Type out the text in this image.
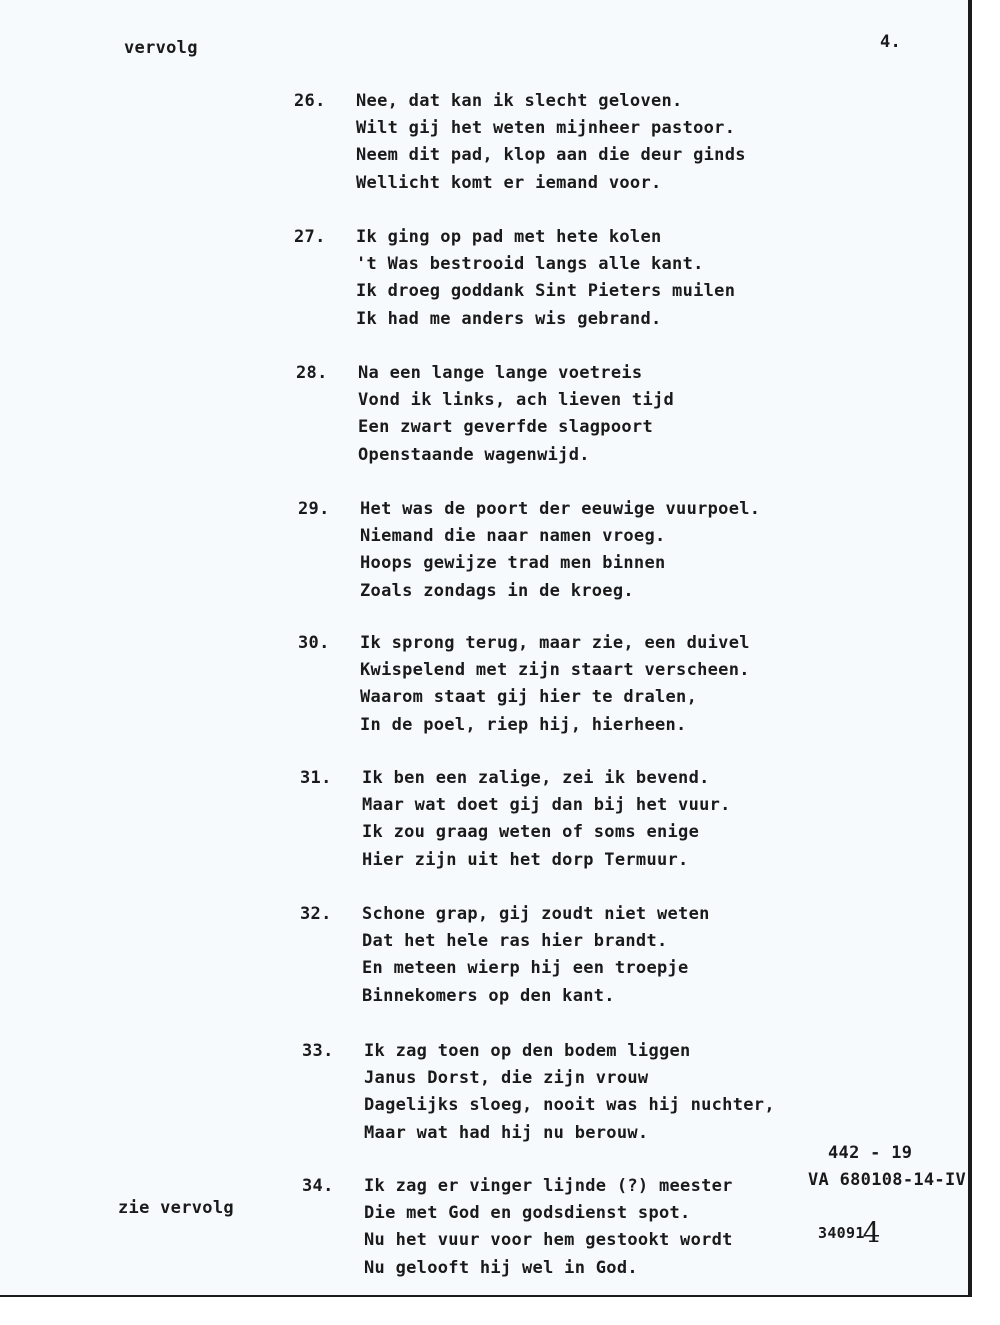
vervolg	4.
26. Nee, dat kan ik slecht geloven.
Wilt gij het weten mijnheer pastoor.
Neem dit pad, klop aan die deur ginds
Wellicht komt er iemand voor.
27. Ik ging op pad met hete kolen
't Was bestrooid langs alle kant.
Ik droeg goddank Sint Pieters muilen
Ik had me anders wis gebrand.
28. Na een lange lange voetreis
Vond ik links, ach lieven tijd
Een zwart geverfde slagpoort
Openstaande wagenwijd.
29. Het was de poort der eeuwige vuurpoel.
Niemand die naar namen vroeg.
Hoops gewijze trad men binnen
Zoals zondags in de kroeg.
30. Ik sprong terug, maar zie, een duivel
Kwispelend met zijn staart verscheen.
Waarom staat gij hier te dralen,
In de poel, riep hij, hierheen.
31. Ik ben een zalige, zei ik bevend.
Maar wat doet gij dan bij het vuur.
Ik zou graag weten of soms enige
Hier zijn uit het dorp Termuur.
32. Schone grap, gij zoudt niet weten
Dat het hele ras hier brandt.
En meteen wierp hij een troepje
Binnekomers op den kant.
33. Ik zag toen op den bodem liggen
Janus Dorst, die zijn vrouw
Dagelijks sloeg, nooit was hij nuchter,
Maar wat had hij nu berouw.
34. Ik zag er vinger lijnde (?) meester
Die met God en godsdienst spot.
Nu het vuur voor hem gestookt wordt
Nu gelooft hij wel in God.
zie vervolg
442 - 19
VA 680108-14-IV
340914
